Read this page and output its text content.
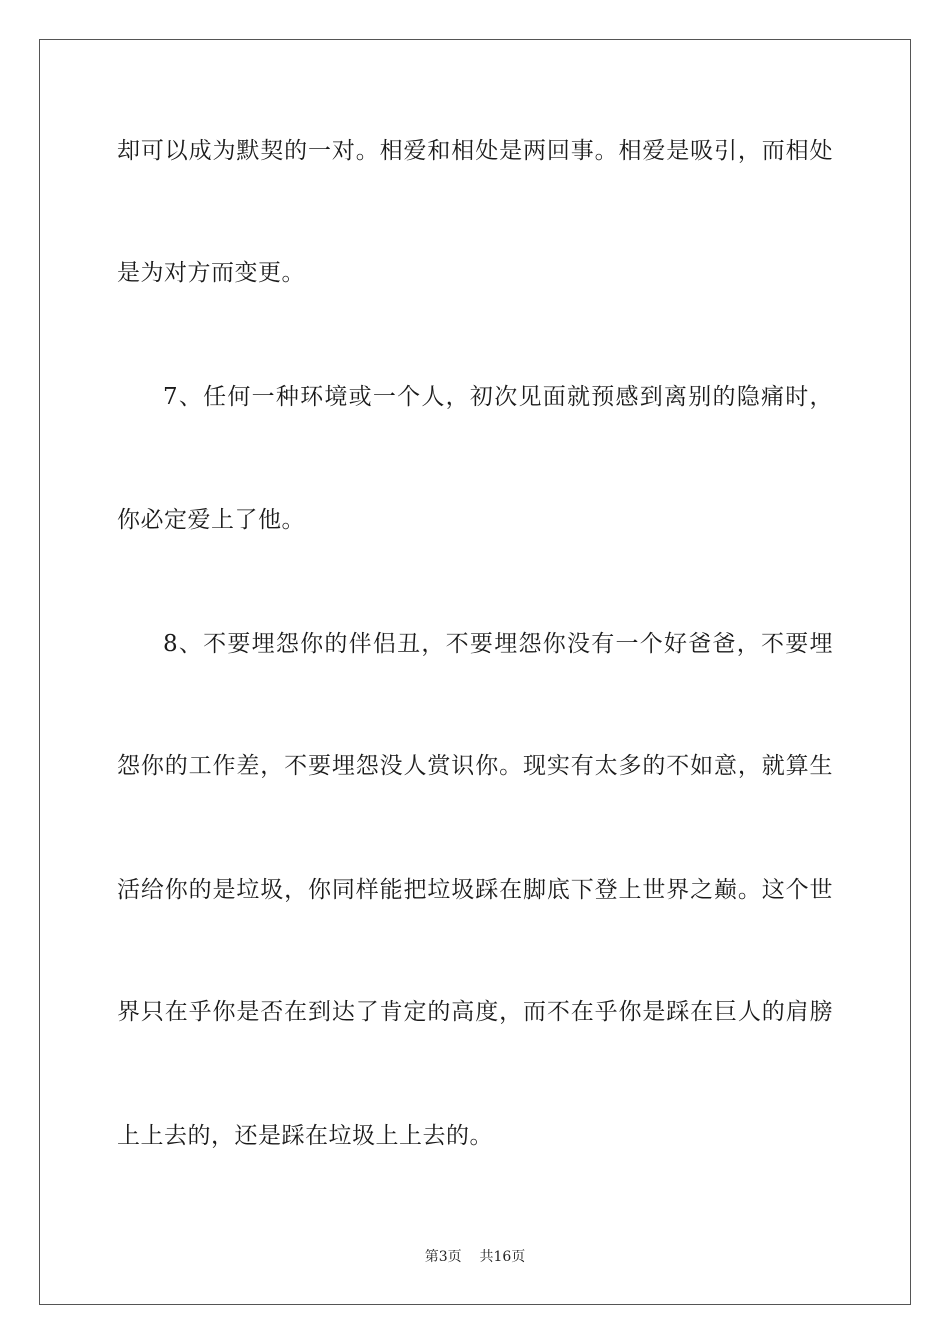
却可以成为默契的一对。相爱和相处是两回事。相爱是吸引，而相处
是为对方而变更。
7、任何一种环境或一个人，初次见面就预感到离别的隐痛时，
你必定爱上了他。
8、不要埋怨你的伴侣丑，不要埋怨你没有一个好爸爸，不要埋
怨你的工作差，不要埋怨没人赏识你。现实有太多的不如意，就算生
活给你的是垃圾，你同样能把垃圾踩在脚底下登上世界之巅。这个世
界只在乎你是否在到达了肯定的高度，而不在乎你是踩在巨人的肩膀
上上去的，还是踩在垃圾上上去的。
第3页 共16页
